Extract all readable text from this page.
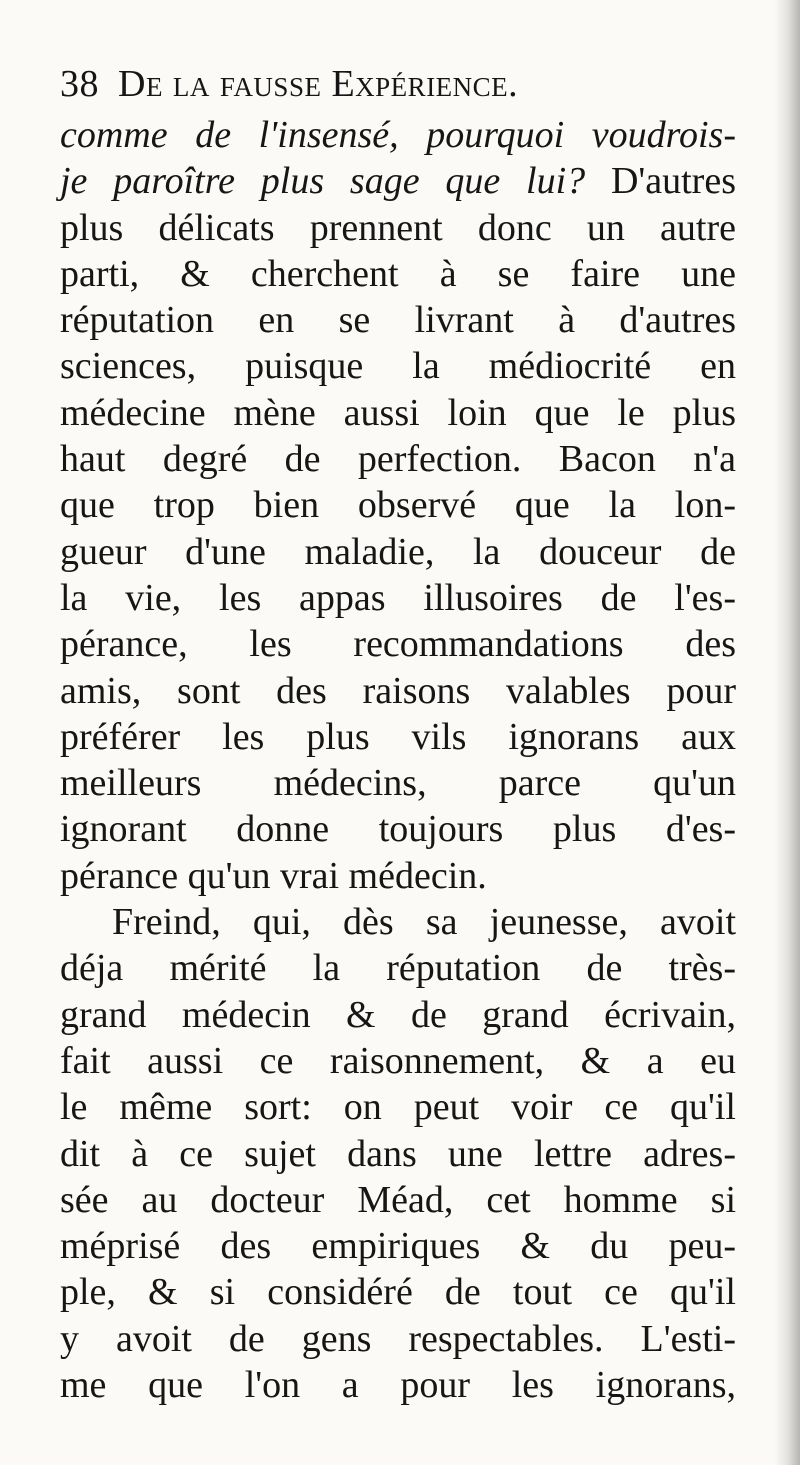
38 De la fausse Expérience.
comme de l'insensé, pourquoi voudrois-
je paroître plus sage que lui? D'autres
plus délicats prennent donc un autre
parti, & cherchent à se faire une
réputation en se livrant à d'autres
sciences, puisque la médiocrité en
médecine mène aussi loin que le plus
haut degré de perfection. Bacon n'a
que trop bien observé que la lon-
gueur d'une maladie, la douceur de
la vie, les appas illusoires de l'es-
pérance, les recommandations des
amis, sont des raisons valables pour
préférer les plus vils ignorans aux
meilleurs médecins, parce qu'un
ignorant donne toujours plus d'es-
pérance qu'un vrai médecin.
Freind, qui, dès sa jeunesse, avoit
déja mérité la réputation de très-
grand médecin & de grand écrivain,
fait aussi ce raisonnement, & a eu
le même sort: on peut voir ce qu'il
dit à ce sujet dans une lettre adres-
sée au docteur Méad, cet homme si
méprisé des empiriques & du peu-
ple, & si considéré de tout ce qu'il
y avoit de gens respectables. L'esti-
me que l'on a pour les ignorans,
